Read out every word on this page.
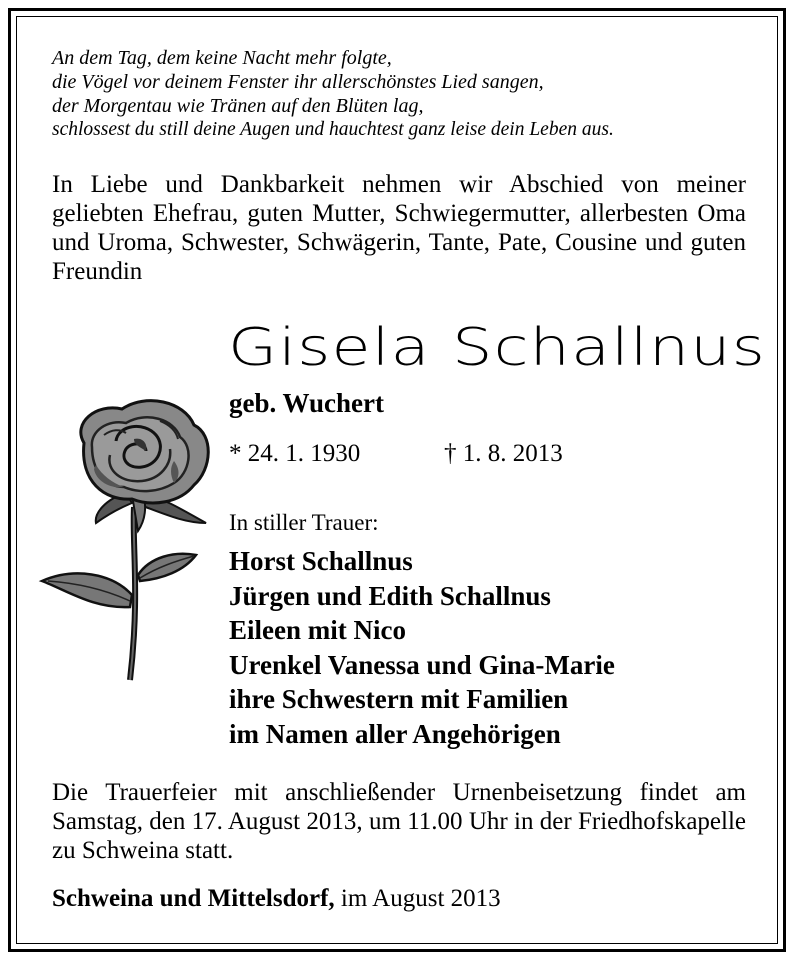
An dem Tag, dem keine Nacht mehr folgte,
die Vögel vor deinem Fenster ihr allerschönstes Lied sangen,
der Morgentau wie Tränen auf den Blüten lag,
schlossest du still deine Augen und hauchtest ganz leise dein Leben aus.
In Liebe und Dankbarkeit nehmen wir Abschied von meiner geliebten Ehefrau, guten Mutter, Schwiegermutter, allerbesten Oma und Uroma, Schwester, Schwägerin, Tante, Pate, Cousine und guten Freundin
Gisela Schallnus
geb. Wuchert
* 24. 1. 1930	† 1. 8. 2013
In stiller Trauer:
Horst Schallnus
Jürgen und Edith Schallnus
Eileen mit Nico
Urenkel Vanessa und Gina-Marie
ihre Schwestern mit Familien
im Namen aller Angehörigen
Die Trauerfeier mit anschließender Urnenbeisetzung findet am Samstag, den 17. August 2013, um 11.00 Uhr in der Friedhofskapelle zu Schweina statt.
Schweina und Mittelsdorf, im August 2013
